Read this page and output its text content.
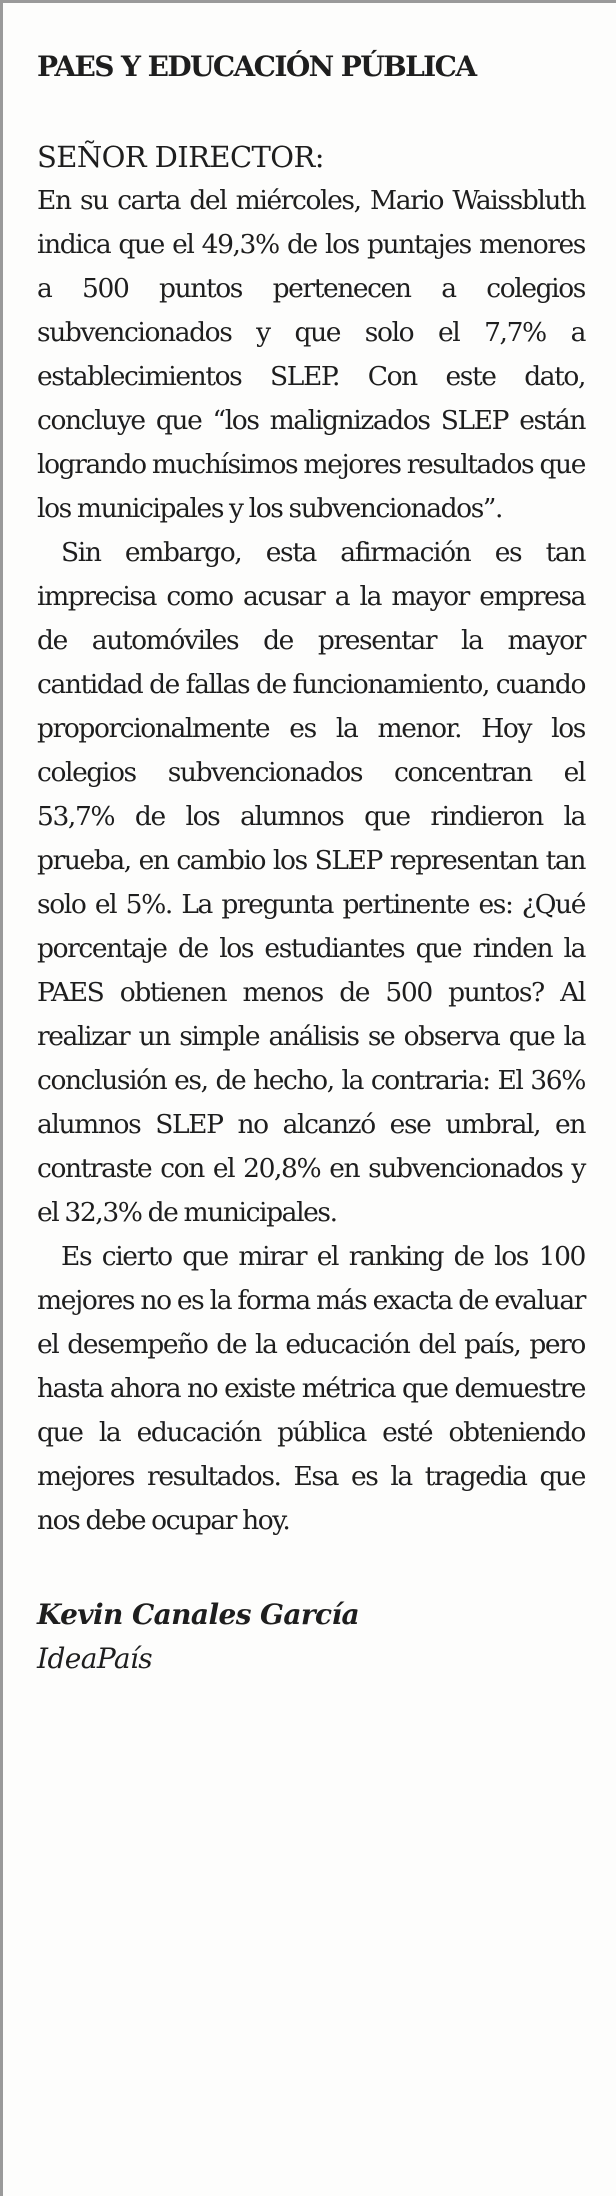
PAES Y EDUCACIÓN PÚBLICA

SEÑOR DIRECTOR:

En su carta del miércoles, Mario Waissbluth indica que el 49,3% de los puntajes menores a 500 puntos pertenecen a colegios subvencionados y que solo el 7,7% a establecimientos SLEP. Con este dato, concluye que “los malignizados SLEP están logrando muchísimos mejores resultados que los municipales y los subvencionados”.

Sin embargo, esta afirmación es tan imprecisa como acusar a la mayor empresa de automóviles de presentar la mayor cantidad de fallas de funcionamiento, cuando proporcionalmente es la menor. Hoy los colegios subvencionados concentran el 53,7% de los alumnos que rindieron la prueba, en cambio los SLEP representan tan solo el 5%. La pregunta pertinente es: ¿Qué porcentaje de los estudiantes que rinden la PAES obtienen menos de 500 puntos? Al realizar un simple análisis se observa que la conclusión es, de hecho, la contraria: El 36% alumnos SLEP no alcanzó ese umbral, en contraste con el 20,8% en subvencionados y el 32,3% de municipales.

Es cierto que mirar el ranking de los 100 mejores no es la forma más exacta de evaluar el desempeño de la educación del país, pero hasta ahora no existe métrica que demuestre que la educación pública esté obteniendo mejores resultados. Esa es la tragedia que nos debe ocupar hoy.

Kevin Canales García

IdeaPaís
